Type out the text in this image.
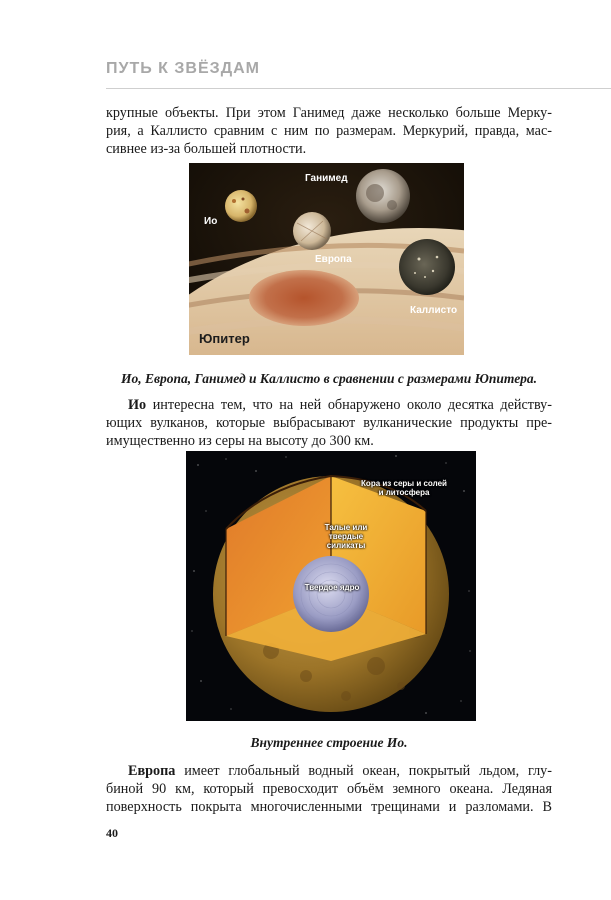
ПУТЬ К ЗВЁЗДАМ
крупные объекты. При этом Ганимед даже несколько больше Мерку-
рия, а Каллисто сравним с ним по размерам. Меркурий, правда, мас-
сивнее из-за большей плотности.
Ганимед
Ио
Европа
Каллисто
Юпитер
Ио, Европа, Ганимед и Каллисто в сравнении с размерами Юпитера.
Ио интересна тем, что на ней обнаружено около десятка действу-
ющих вулканов, которые выбрасывают вулканические продукты пре-
имущественно из серы на высоту до 300 км.
Кора из серы и солей
и литосфера
Талые или
твердые
силикаты
Твердое ядро
Внутреннее строение Ио.
Европа имеет глобальный водный океан, покрытый льдом, глу-
биной 90 км, который превосходит объём земного океана. Ледяная
поверхность покрыта многочисленными трещинами и разломами. В
40
